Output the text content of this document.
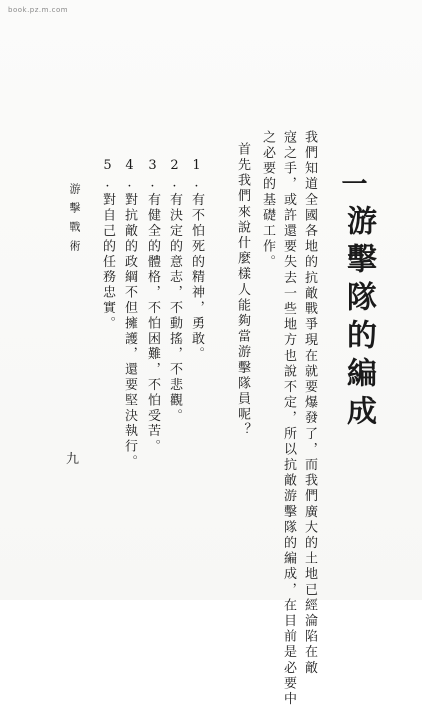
book.pz.m.com
一
游擊隊的編成
我們知道全國各地的抗敵戰爭現在就要爆發了，而我們廣大的土地已經淪陷在敵
寇之手，或許還要失去一些地方也說不定，所以抗敵游擊隊的編成，在目前是必要中
之必要的基礎工作。
首先我們來說什麼樣人能夠當游擊隊員呢？
1.有不怕死的精神，勇敢。
2.有決定的意志，不動搖，不悲觀。
3.有健全的體格，不怕困難，不怕受苦。
4.對抗敵的政綱不但擁護，還要堅決執行。
5.對自己的任務忠實。
游擊戰術
九
